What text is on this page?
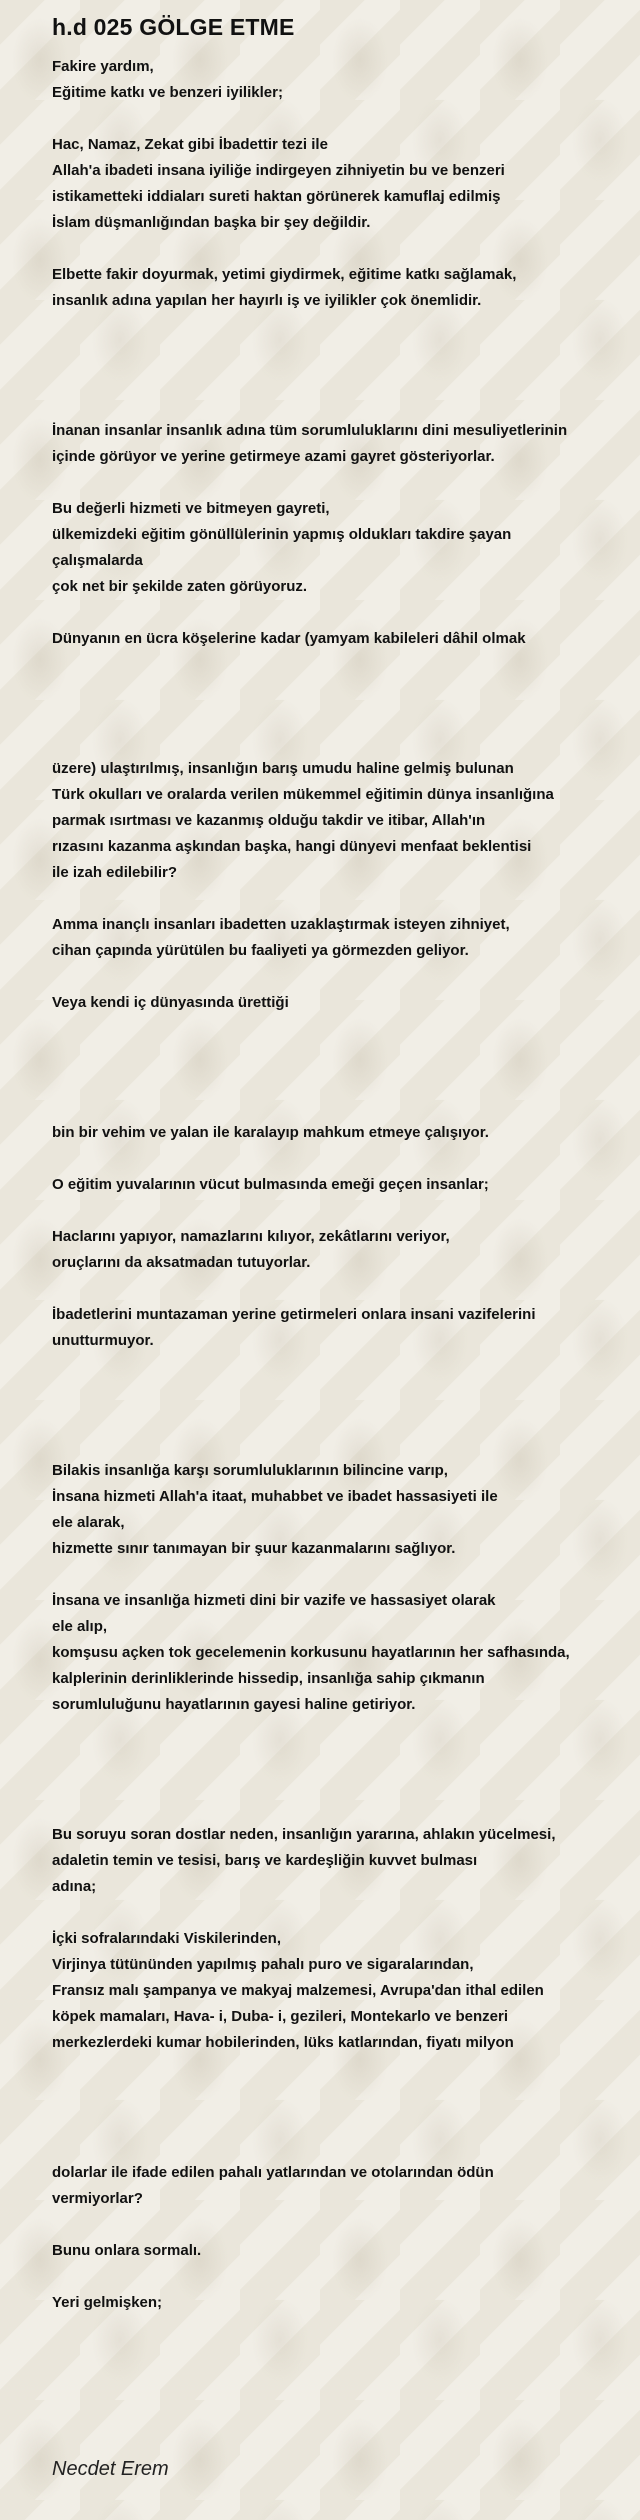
h.d 025 GÖLGE ETME
Fakire yardım,
Eğitime katkı ve benzeri iyilikler;
Hac, Namaz, Zekat gibi İbadettir tezi ile
Allah'a ibadeti insana iyiliğe indirgeyen zihniyetin bu ve benzeri
istikametteki iddiaları sureti haktan görünerek kamuflaj edilmiş
İslam düşmanlığından başka bir şey değildir.
Elbette fakir doyurmak, yetimi giydirmek, eğitime katkı sağlamak,
insanlık adına yapılan her hayırlı iş ve iyilikler çok önemlidir.
İnanan insanlar insanlık adına tüm sorumluluklarını dini mesuliyetlerinin
içinde görüyor ve yerine getirmeye azami gayret gösteriyorlar.
Bu değerli hizmeti ve bitmeyen gayreti,
ülkemizdeki eğitim gönüllülerinin yapmış oldukları takdire şayan
çalışmalarda
çok net bir şekilde zaten görüyoruz.
Dünyanın en ücra köşelerine kadar (yamyam kabileleri dâhil olmak
üzere) ulaştırılmış, insanlığın barış umudu haline gelmiş bulunan
Türk okulları ve oralarda verilen mükemmel eğitimin dünya insanlığına
parmak ısırtması ve kazanmış olduğu takdir ve itibar, Allah'ın
rızasını kazanma aşkından başka, hangi dünyevi menfaat beklentisi
ile izah edilebilir?
Amma inançlı insanları ibadetten uzaklaştırmak isteyen zihniyet,
cihan çapında yürütülen bu faaliyeti ya görmezden geliyor.
Veya kendi iç dünyasında ürettiği
bin bir vehim ve yalan ile karalayıp mahkum etmeye çalışıyor.
O eğitim yuvalarının vücut bulmasında emeği geçen insanlar;
Haclarını yapıyor, namazlarını kılıyor, zekâtlarını veriyor,
oruçlarını da aksatmadan tutuyorlar.
İbadetlerini muntazaman yerine getirmeleri onlara insani vazifelerini
unutturmuyor.
Bilakis insanlığa karşı sorumluluklarının bilincine varıp,
İnsana hizmeti Allah'a itaat, muhabbet ve ibadet hassasiyeti ile
ele alarak,
hizmette sınır tanımayan bir şuur kazanmalarını sağlıyor.
İnsana ve insanlığa hizmeti dini bir vazife ve hassasiyet olarak
ele alıp,
komşusu açken tok gecelemenin korkusunu hayatlarının her safhasında,
kalplerinin derinliklerinde hissedip, insanlığa sahip çıkmanın
sorumluluğunu hayatlarının gayesi haline getiriyor.
Bu soruyu soran dostlar neden, insanlığın yararına, ahlakın yücelmesi,
adaletin temin ve tesisi, barış ve kardeşliğin kuvvet bulması
adına;
İçki sofralarındaki Viskilerinden,
Virjinya tütününden yapılmış pahalı puro ve sigaralarından,
Fransız malı şampanya ve makyaj malzemesi, Avrupa'dan ithal edilen
köpek mamaları, Hava- i, Duba- i, gezileri, Montekarlo ve benzeri
merkezlerdeki kumar hobilerinden, lüks katlarından, fiyatı milyon
dolarlar ile ifade edilen pahalı yatlarından ve otolarından ödün
vermiyorlar?
Bunu onlara sormalı.
Yeri gelmişken;
Necdet Erem
